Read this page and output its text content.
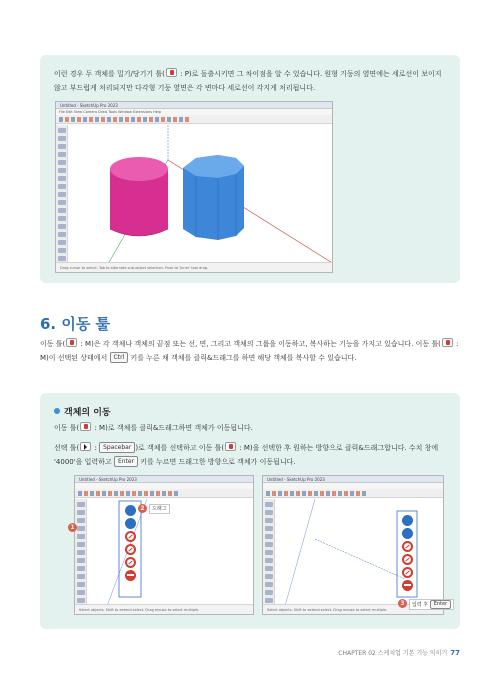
이런 경우 두 객체를 밀기/당기기 툴( : P)로 돌출시키면 그 차이점을 알 수 있습니다. 원형 기둥의 옆면에는 세로선이 보이지 않고 부드럽게 처리되지만 다각형 기둥 옆면은 각 변마다 세로선이 각지게 처리됩니다.

Untitled - SketchUp Pro 2023
File Edit View Camera Draw Tools Window Extensions Help
Drag cursor to select. Tab to alternate sub-object selection. Push to 'Inner' tool drag.
6. 이동 툴

이동 툴( : M)은 각 객체나 객체의 끝점 또는 선, 면, 그리고 객체의 그룹을 이동하고, 복사하는 기능을 가지고 있습니다. 이동 툴( : M)이 선택된 상태에서 Ctrl 키를 누른 채 객체를 클릭&드래그를 하면 해당 객체를 복사할 수 있습니다.

객체의 이동

이동 툴( : M)로 객체를 클릭&드래그하면 객체가 이동됩니다.

선택 툴( : Spacebar )로 객체를 선택하고 이동 툴( : M)을 선택한 후 원하는 방향으로 클릭&드래그합니다. 수치 창에 '4000'을 입력하고 Enter 키를 누르면 드래그한 방향으로 객체가 이동됩니다.

Untitled - SketchUp Pro 2023
Select objects. Shift to extend select. Drag mouse to select multiple.
1
2	드래그
Untitled - SketchUp Pro 2023
Select objects. Shift to extend select. Drag mouse to select multiple.
3	입력 후 Enter
CHAPTER 02 스케치업 기본 기능 익히기 77
